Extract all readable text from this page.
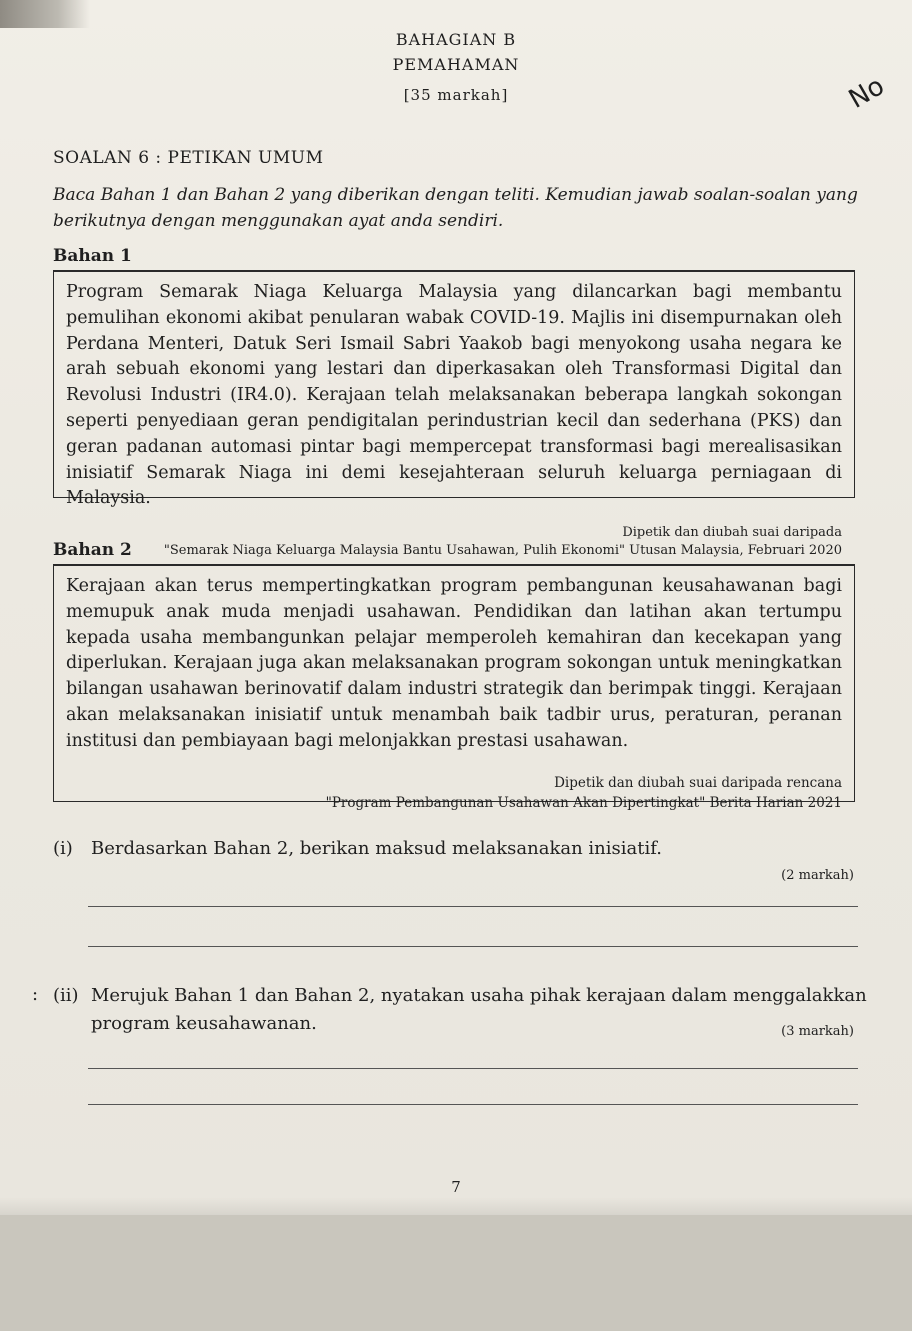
BAHAGIAN B
PEMAHAMAN
[35 markah]	No
SOALAN 6 : PETIKAN UMUM
Baca Bahan 1 dan Bahan 2 yang diberikan dengan teliti. Kemudian jawab soalan-soalan yang berikutnya dengan menggunakan ayat anda sendiri.
Bahan 1
Program Semarak Niaga Keluarga Malaysia yang dilancarkan bagi membantu pemulihan ekonomi akibat penularan wabak COVID-19. Majlis ini disempurnakan oleh Perdana Menteri, Datuk Seri Ismail Sabri Yaakob bagi menyokong usaha negara ke arah sebuah ekonomi yang lestari dan diperkasakan oleh Transformasi Digital dan Revolusi Industri (IR4.0). Kerajaan telah melaksanakan beberapa langkah sokongan seperti penyediaan geran pendigitalan perindustrian kecil dan sederhana (PKS) dan geran padanan automasi pintar bagi mempercepat transformasi bagi merealisasikan inisiatif Semarak Niaga ini demi kesejahteraan seluruh keluarga perniagaan di Malaysia.
Dipetik dan diubah suai daripada
"Semarak Niaga Keluarga Malaysia Bantu Usahawan, Pulih Ekonomi" Utusan Malaysia, Februari 2020
Bahan 2
Kerajaan akan terus mempertingkatkan program pembangunan keusahawanan bagi memupuk anak muda menjadi usahawan. Pendidikan dan latihan akan tertumpu kepada usaha membangunkan pelajar memperoleh kemahiran dan kecekapan yang diperlukan. Kerajaan juga akan melaksanakan program sokongan untuk meningkatkan bilangan usahawan berinovatif dalam industri strategik dan berimpak tinggi. Kerajaan akan melaksanakan inisiatif untuk menambah baik tadbir urus, peraturan, peranan institusi dan pembiayaan bagi melonjakkan prestasi usahawan.
Dipetik dan diubah suai daripada rencana
"Program Pembangunan Usahawan Akan Dipertingkat" Berita Harian 2021
(i) Berdasarkan Bahan 2, berikan maksud melaksanakan inisiatif.
(2 markah)
: (ii) Merujuk Bahan 1 dan Bahan 2, nyatakan usaha pihak kerajaan dalam menggalakkan
program keusahawanan.	(3 markah)
7
